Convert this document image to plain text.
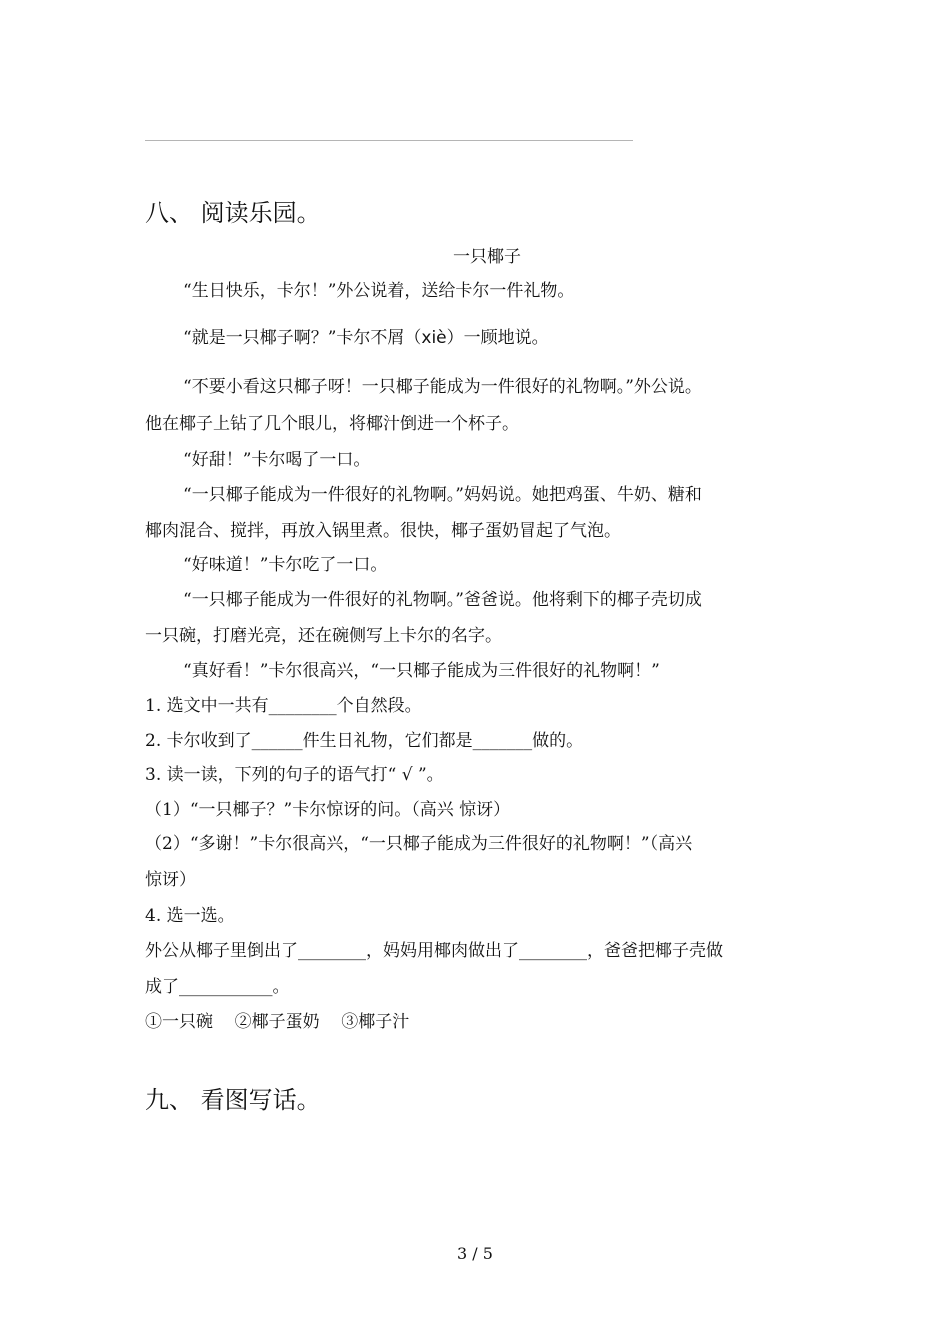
八、 阅读乐园。
一只椰子
“生日快乐，卡尔！”外公说着，送给卡尔一件礼物。
“就是一只椰子啊？”卡尔不屑（xiè）一顾地说。
“不要小看这只椰子呀！一只椰子能成为一件很好的礼物啊。”外公说。
他在椰子上钻了几个眼儿，将椰汁倒进一个杯子。
“好甜！”卡尔喝了一口。
“一只椰子能成为一件很好的礼物啊。”妈妈说。她把鸡蛋、牛奶、糖和
椰肉混合、搅拌，再放入锅里煮。很快，椰子蛋奶冒起了气泡。
“好味道！”卡尔吃了一口。
“一只椰子能成为一件很好的礼物啊。”爸爸说。他将剩下的椰子壳切成
一只碗，打磨光亮，还在碗侧写上卡尔的名字。
“真好看！”卡尔很高兴，“一只椰子能成为三件很好的礼物啊！”
1. 选文中一共有________个自然段。
2. 卡尔收到了______件生日礼物，它们都是_______做的。
3. 读一读，下列的句子的语气打“ √ ”。
（1）“一只椰子？”卡尔惊讶的问。（高兴 惊讶）
（2）“多谢！”卡尔很高兴，“一只椰子能成为三件很好的礼物啊！”（高兴
惊讶）
4. 选一选。
外公从椰子里倒出了________，妈妈用椰肉做出了________，爸爸把椰子壳做
成了___________。
①一只碗    ②椰子蛋奶    ③椰子汁
九、 看图写话。
3 / 5
